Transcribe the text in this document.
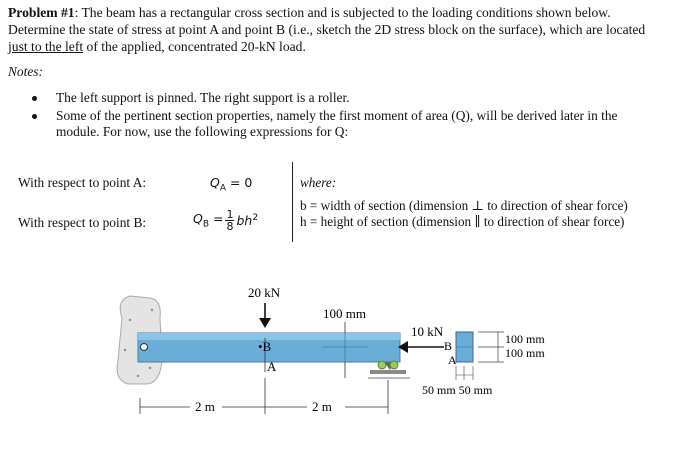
Problem #1: The beam has a rectangular cross section and is subjected to the loading conditions shown below.
Determine the state of stress at point A and point B (i.e., sketch the 2D stress block on the surface), which are located
just to the left of the applied, concentrated 20-kN load.
Notes:
The left support is pinned. The right support is a roller.
Some of the pertinent section properties, namely the first moment of area (Q), will be derived later in the
module. For now, use the following expressions for Q:
With respect to point A:
With respect to point B:
$Q_A = 0$
$Q_B = 1$
8 $bh^2$
where:
b = width of section (dimension ⊥ to direction of shear force)
h = height of section (dimension ∥ to direction of shear force)
20 kN
100 mm
•B
A
10 kN
B
A
100 mm
100 mm
50 mm 50 mm
2 m	2 m
